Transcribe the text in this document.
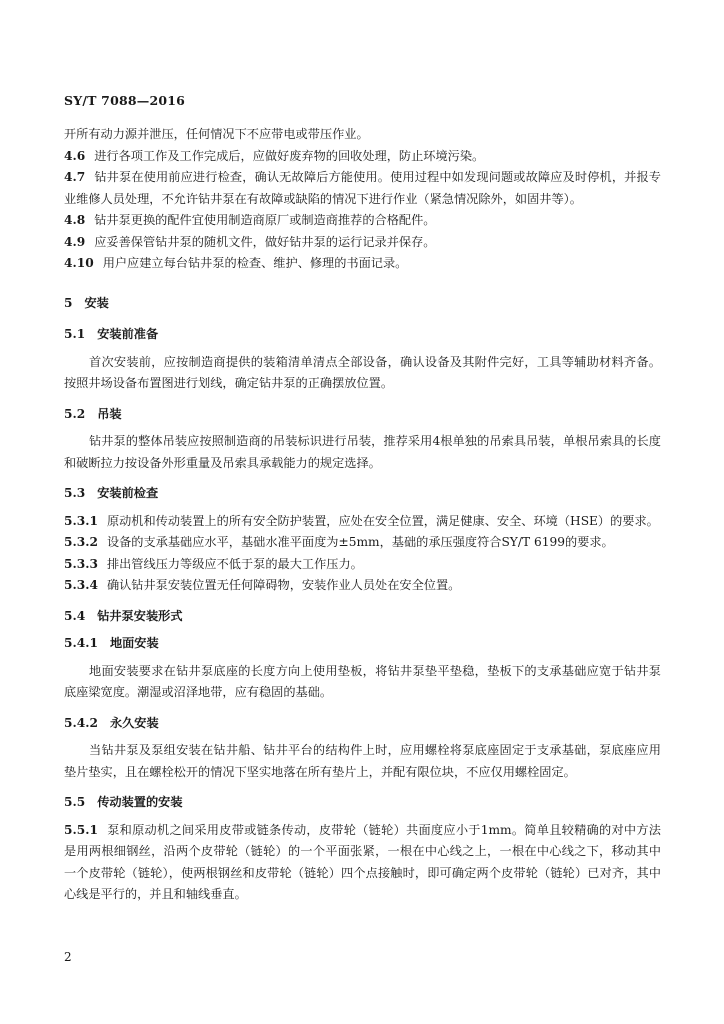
SY/T 7088—2016

开所有动力源并泄压，任何情况下不应带电或带压作业。

4.6 进行各项工作及工作完成后，应做好废弃物的回收处理，防止环境污染。

4.7 钻井泵在使用前应进行检查，确认无故障后方能使用。使用过程中如发现问题或故障应及时停机，并报专业维修人员处理，不允许钻井泵在有故障或缺陷的情况下进行作业（紧急情况除外，如固井等）。

4.8 钻井泵更换的配件宜使用制造商原厂或制造商推荐的合格配件。

4.9 应妥善保管钻井泵的随机文件，做好钻井泵的运行记录并保存。

4.10 用户应建立每台钻井泵的检查、维护、修理的书面记录。

5 安装

5.1 安装前准备

首次安装前，应按制造商提供的装箱清单清点全部设备，确认设备及其附件完好，工具等辅助材料齐备。按照井场设备布置图进行划线，确定钻井泵的正确摆放位置。

5.2 吊装

钻井泵的整体吊装应按照制造商的吊装标识进行吊装，推荐采用4根单独的吊索具吊装，单根吊索具的长度和破断拉力按设备外形重量及吊索具承载能力的规定选择。

5.3 安装前检查

5.3.1 原动机和传动装置上的所有安全防护装置，应处在安全位置，满足健康、安全、环境（HSE）的要求。

5.3.2 设备的支承基础应水平，基础水准平面度为±5mm，基础的承压强度符合SY/T 6199的要求。

5.3.3 排出管线压力等级应不低于泵的最大工作压力。

5.3.4 确认钻井泵安装位置无任何障碍物，安装作业人员处在安全位置。

5.4 钻井泵安装形式

5.4.1 地面安装

地面安装要求在钻井泵底座的长度方向上使用垫板，将钻井泵垫平垫稳，垫板下的支承基础应宽于钻井泵底座梁宽度。潮湿或沼泽地带，应有稳固的基础。

5.4.2 永久安装

当钻井泵及泵组安装在钻井船、钻井平台的结构件上时，应用螺栓将泵底座固定于支承基础，泵底座应用垫片垫实，且在螺栓松开的情况下坚实地落在所有垫片上，并配有限位块，不应仅用螺栓固定。

5.5 传动装置的安装

5.5.1 泵和原动机之间采用皮带或链条传动，皮带轮（链轮）共面度应小于1mm。简单且较精确的对中方法是用两根细钢丝，沿两个皮带轮（链轮）的一个平面张紧，一根在中心线之上，一根在中心线之下，移动其中一个皮带轮（链轮），使两根钢丝和皮带轮（链轮）四个点接触时，即可确定两个皮带轮（链轮）已对齐，其中心线是平行的，并且和轴线垂直。

2
